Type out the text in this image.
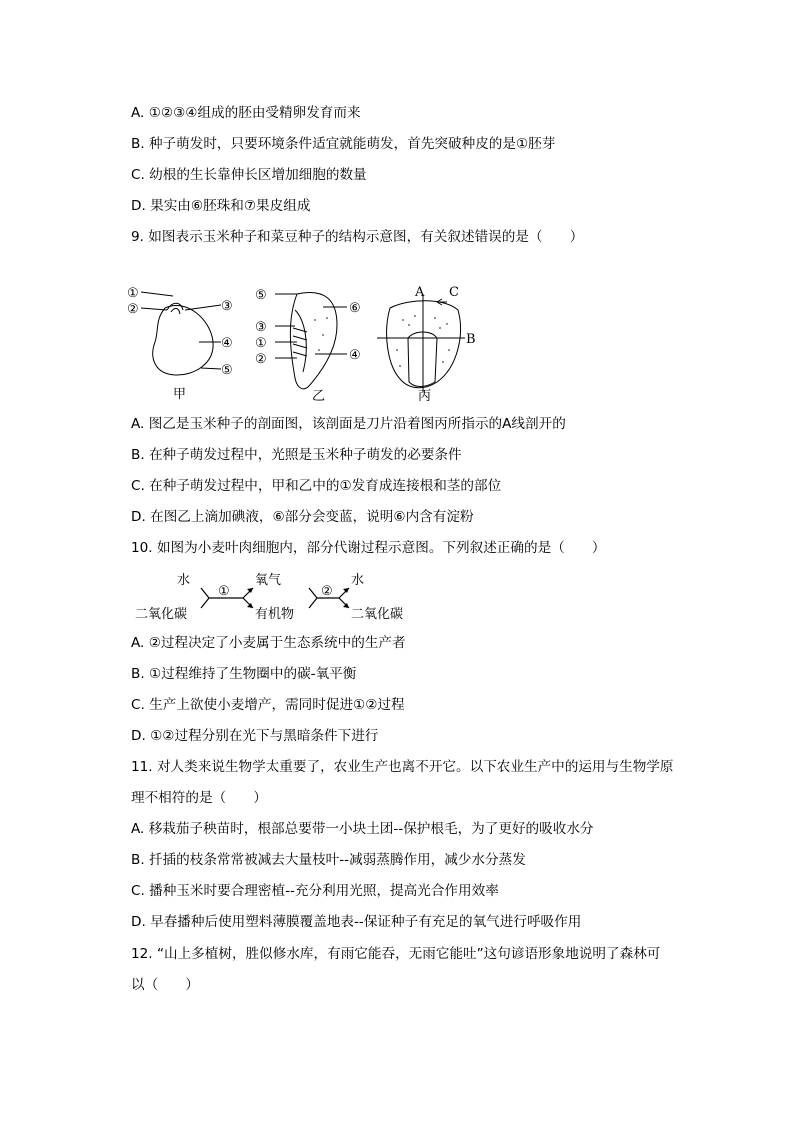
A. ①②③④组成的胚由受精卵发育而来
B. 种子萌发时，只要环境条件适宜就能萌发，首先突破种皮的是①胚芽
C. 幼根的生长靠伸长区增加细胞的数量
D. 果实由⑥胚珠和⑦果皮组成
9. 如图表示玉米种子和菜豆种子的结构示意图，有关叙述错误的是（　　）
①
②	③
④
⑤
甲
⑤
⑥
③
①
②	④
乙
A C
B
丙
A. 图乙是玉米种子的剖面图，该剖面是刀片沿着图丙所指示的A线剖开的
B. 在种子萌发过程中，光照是玉米种子萌发的必要条件
C. 在种子萌发过程中，甲和乙中的①发育成连接根和茎的部位
D. 在图乙上滴加碘液，⑥部分会变蓝，说明⑥内含有淀粉
10. 如图为小麦叶肉细胞内，部分代谢过程示意图。下列叙述正确的是（　　）
水
二氧化碳
①
氧气
有机物
②
水
二氧化碳
A. ②过程决定了小麦属于生态系统中的生产者
B. ①过程维持了生物圈中的碳-氧平衡
C. 生产上欲使小麦增产，需同时促进①②过程
D. ①②过程分别在光下与黑暗条件下进行
11. 对人类来说生物学太重要了，农业生产也离不开它。以下农业生产中的运用与生物学原
理不相符的是（　　）
A. 移栽茄子秧苗时，根部总要带一小块土团--保护根毛，为了更好的吸收水分
B. 扦插的枝条常常被减去大量枝叶--减弱蒸腾作用，减少水分蒸发
C. 播种玉米时要合理密植--充分利用光照，提高光合作用效率
D. 早春播种后使用塑料薄膜覆盖地表--保证种子有充足的氧气进行呼吸作用
12. “山上多植树，胜似修水库，有雨它能吞，无雨它能吐”这句谚语形象地说明了森林可
以（　　）
